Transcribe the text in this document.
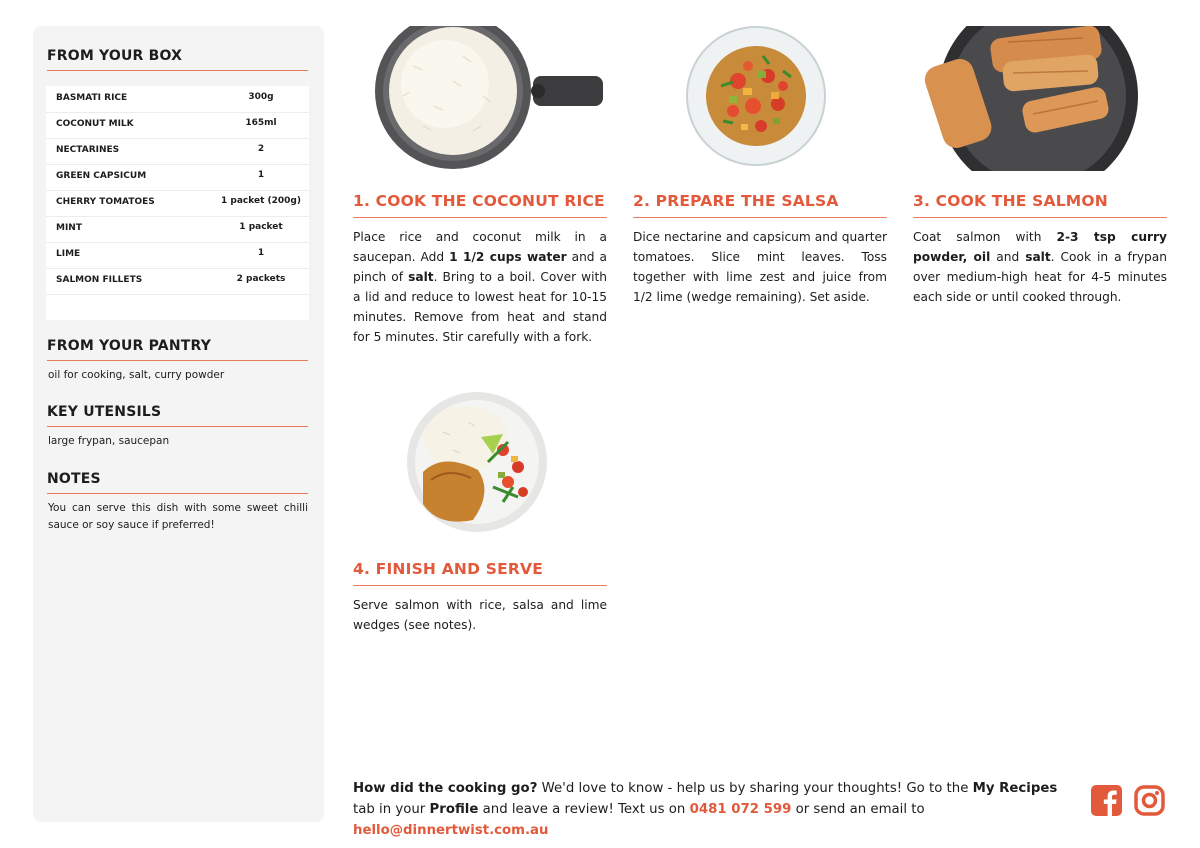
FROM YOUR BOX
BASMATI RICE	300g
COCONUT MILK	165ml
NECTARINES	2
GREEN CAPSICUM	1
CHERRY TOMATOES	1 packet (200g)
MINT	1 packet
LIME	1
SALMON FILLETS	2 packets
FROM YOUR PANTRY
oil for cooking, salt, curry powder
KEY UTENSILS
large frypan, saucepan
NOTES
You can serve this dish with some sweet chilli sauce or soy sauce if preferred!
1. COOK THE COCONUT RICE 2. PREPARE THE SALSA	3. COOK THE SALMON
4. FINISH AND SERVE
Place rice and coconut milk in a saucepan. Add 1 1/2 cups water and a pinch of salt. Bring to a boil. Cover with a lid and reduce to lowest heat for 10-15 minutes. Remove from heat and stand for 5 minutes. Stir carefully with a fork.
Dice nectarine and capsicum and quarter tomatoes. Slice mint leaves. Toss together with lime zest and juice from 1/2 lime (wedge remaining). Set aside.
Coat salmon with 2-3 tsp curry powder, oil and salt. Cook in a frypan over medium-high heat for 4-5 minutes each side or until cooked through.
Serve salmon with rice, salsa and lime wedges (see notes).
How did the cooking go? We'd love to know - help us by sharing your thoughts! Go to the My Recipes tab in your Profile and leave a review! Text us on 0481 072 599 or send an email to hello@dinnertwist.com.au
